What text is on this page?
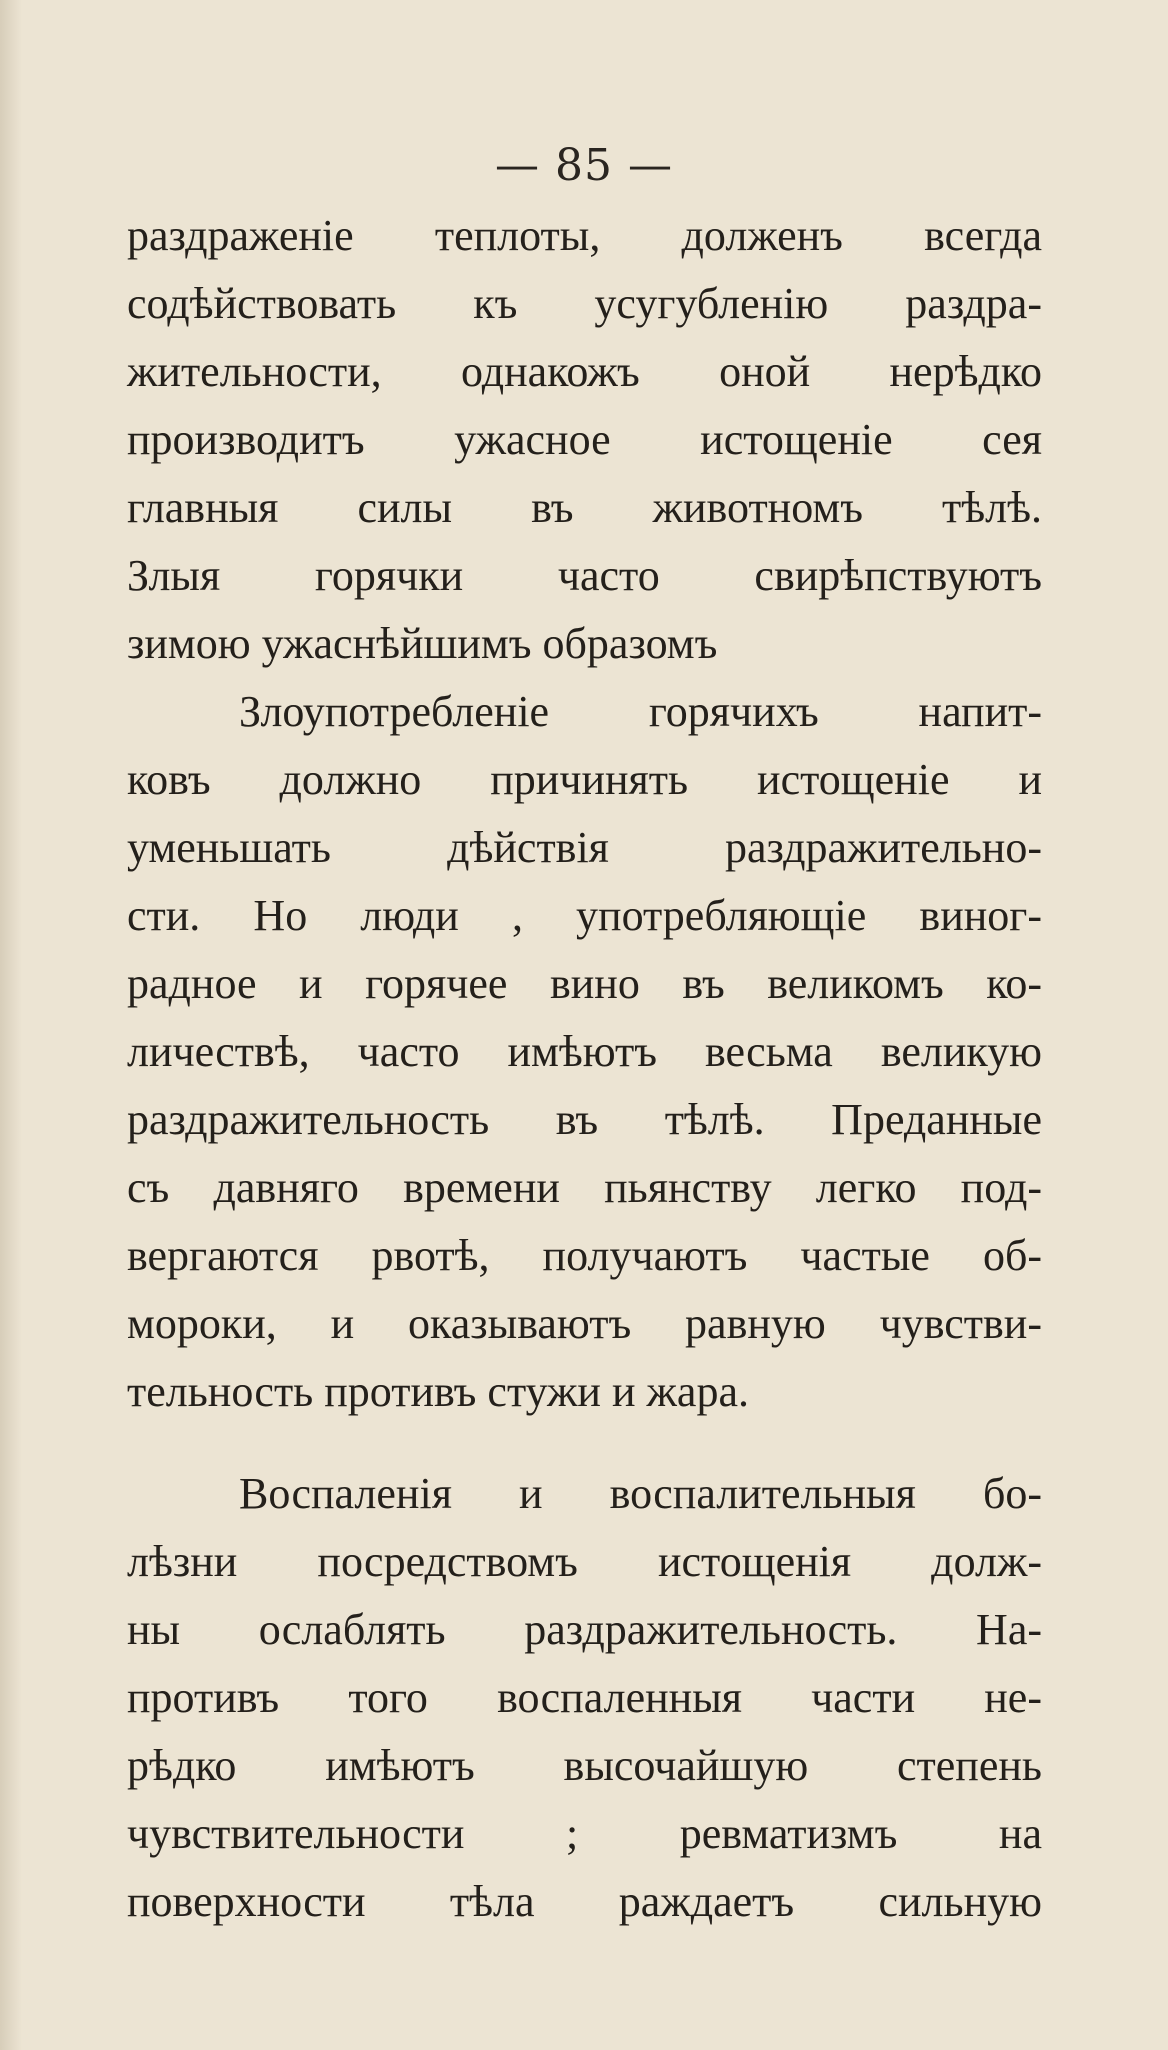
— 85 —
раздраженіе теплоты, долженъ всегда
содѣйствовать къ усугубленію раздра-
жительности, однакожъ оной нерѣдко
производитъ ужасное истощеніе сея
главныя силы въ животномъ тѣлѣ.
Злыя горячки часто свирѣпствуютъ
зимою ужаснѣйшимъ образомъ
Злоупотребленіе горячихъ напит-
ковъ должно причинять истощеніе и
уменьшать дѣйствія раздражительно-
сти. Но люди , употребляющіе виног-
радное и горячее вино въ великомъ ко-
личествѣ, часто имѣютъ весьма великую
раздражительность въ тѣлѣ. Преданные
съ давняго времени пьянству легко под-
вергаются рвотѣ, получаютъ частые об-
мороки, и оказываютъ равную чувстви-
тельность противъ стужи и жара.
Воспаленія и воспалительныя бо-
лѣзни посредствомъ истощенія долж-
ны ослаблять раздражительность. На-
противъ того воспаленныя части не-
рѣдко имѣютъ высочайшую степень
чувствительности ; ревматизмъ на
поверхности тѣла раждаетъ сильную
